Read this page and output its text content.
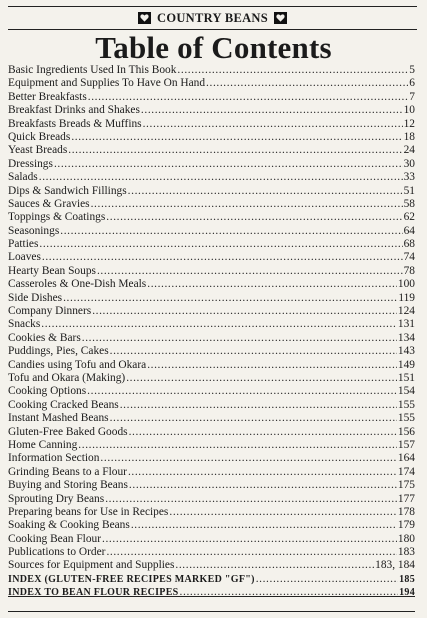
COUNTRY BEANS
Table of Contents
Basic Ingredients Used In This Book .....	5
Equipment and Supplies To Have On Hand .....	6
Better Breakfasts .....	7
Breakfast Drinks and Shakes .....	10
Breakfasts Breads & Muffins .....	12
Quick Breads .....	18
Yeast Breads .....	24
Dressings .....	30
Salads .....	33
Dips & Sandwich Fillings .....	51
Sauces & Gravies .....	58
Toppings & Coatings .....	62
Seasonings .....	64
Patties .....	68
Loaves .....	74
Hearty Bean Soups .....	78
Casseroles & One-Dish Meals .....	100
Side Dishes .....	119
Company Dinners .....	124
Snacks .....	131
Cookies & Bars .....	134
Puddings, Pies, Cakes .....	143
Candies using Tofu and Okara .....	149
Tofu and Okara (Making) .....	151
Cooking Options .....	154
Cooking Cracked Beans .....	155
Instant Mashed Beans .....	155
Gluten-Free Baked Goods .....	156
Home Canning .....	157
Information Section .....	164
Grinding Beans to a Flour .....	174
Buying and Storing Beans .....	175
Sprouting Dry Beans .....	177
Preparing beans for Use in Recipes .....	178
Soaking & Cooking Beans .....	179
Cooking Bean Flour .....	180
Publications to Order .....	183
Sources for Equipment and Supplies .....	183, 184
INDEX (GLUTEN-FREE RECIPES MARKED "GF") .....	185
INDEX TO BEAN FLOUR RECIPES .....	194
